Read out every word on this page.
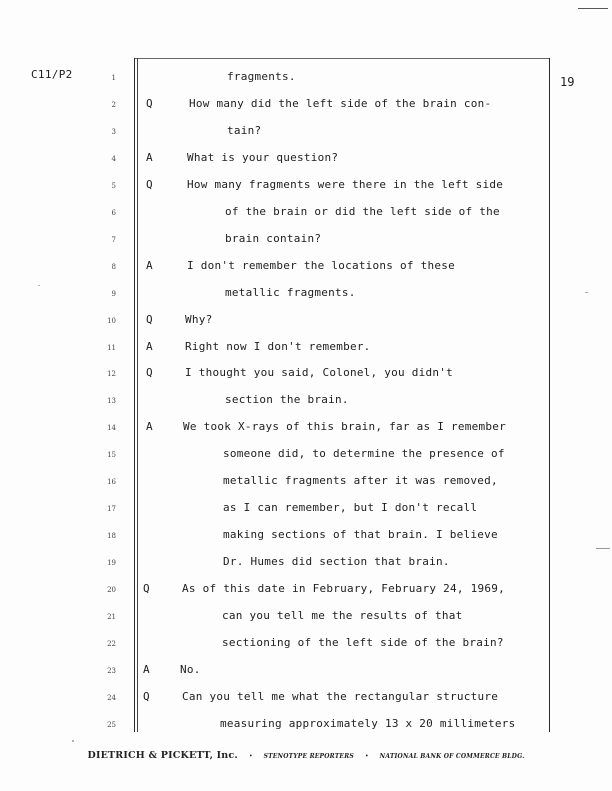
C11/P2
19
1	fragments.
2	Q	How many did the left side of the brain con-
3	tain?
4	A	What is your question?
5	Q	How many fragments were there in the left side
6	of the brain or did the left side of the
7	brain contain?
8	A	I don't remember the locations of these
9	metallic fragments.
10	Q	Why?
11	A	Right now I don't remember.
12	Q	I thought you said, Colonel, you didn't
13	section the brain.
14	A	We took X-rays of this brain, far as I remember
15	someone did, to determine the presence of
16	metallic fragments after it was removed,
17	as I can remember, but I don't recall
18	making sections of that brain. I believe
19	Dr. Humes did section that brain.
20 Q	As of this date in February, February 24, 1969,
21	can you tell me the results of that
22	sectioning of the left side of the brain?
23 A	No.
24 Q	Can you tell me what the rectangular structure
25	measuring approximately 13 x 20 millimeters
DIETRICH & PICKETT, Inc. • STENOTYPE REPORTERS • NATIONAL BANK OF COMMERCE BLDG.
